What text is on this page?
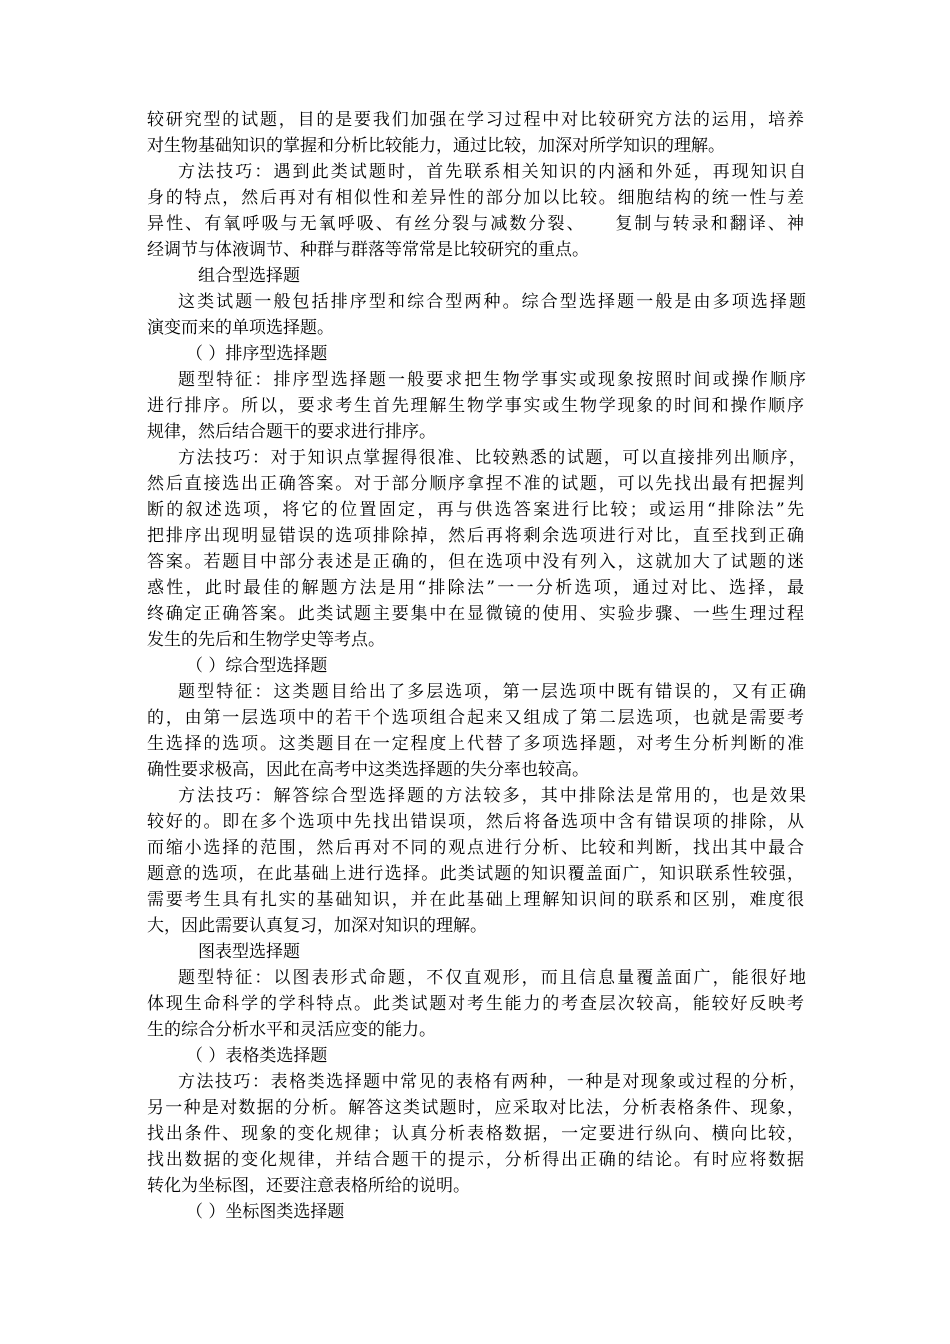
较研究型的试题，目的是要我们加强在学习过程中对比较研究方法的运用，培养
对生物基础知识的掌握和分析比较能力，通过比较，加深对所学知识的理解。
方法技巧：遇到此类试题时，首先联系相关知识的内涵和外延，再现知识自
身的特点，然后再对有相似性和差异性的部分加以比较。细胞结构的统一性与差
异性、有氧呼吸与无氧呼吸、有丝分裂与减数分裂、　　复制与转录和翻译、神
经调节与体液调节、种群与群落等常常是比较研究的重点。
组合型选择题
这类试题一般包括排序型和综合型两种。综合型选择题一般是由多项选择题
演变而来的单项选择题。
（ ）排序型选择题
题型特征：排序型选择题一般要求把生物学事实或现象按照时间或操作顺序
进行排序。所以，要求考生首先理解生物学事实或生物学现象的时间和操作顺序
规律，然后结合题干的要求进行排序。
方法技巧：对于知识点掌握得很准、比较熟悉的试题，可以直接排列出顺序，
然后直接选出正确答案。对于部分顺序拿捏不准的试题，可以先找出最有把握判
断的叙述选项，将它的位置固定，再与供选答案进行比较；或运用“排除法”先
把排序出现明显错误的选项排除掉，然后再将剩余选项进行对比，直至找到正确
答案。若题目中部分表述是正确的，但在选项中没有列入，这就加大了试题的迷
惑性，此时最佳的解题方法是用“排除法”一一分析选项，通过对比、选择，最
终确定正确答案。此类试题主要集中在显微镜的使用、实验步骤、一些生理过程
发生的先后和生物学史等考点。
（ ）综合型选择题
题型特征：这类题目给出了多层选项，第一层选项中既有错误的，又有正确
的，由第一层选项中的若干个选项组合起来又组成了第二层选项，也就是需要考
生选择的选项。这类题目在一定程度上代替了多项选择题，对考生分析判断的准
确性要求极高，因此在高考中这类选择题的失分率也较高。
方法技巧：解答综合型选择题的方法较多，其中排除法是常用的，也是效果
较好的。即在多个选项中先找出错误项，然后将备选项中含有错误项的排除，从
而缩小选择的范围，然后再对不同的观点进行分析、比较和判断，找出其中最合
题意的选项，在此基础上进行选择。此类试题的知识覆盖面广，知识联系性较强，
需要考生具有扎实的基础知识，并在此基础上理解知识间的联系和区别，难度很
大，因此需要认真复习，加深对知识的理解。
图表型选择题
题型特征：以图表形式命题，不仅直观形，而且信息量覆盖面广，能很好地
体现生命科学的学科特点。此类试题对考生能力的考查层次较高，能较好反映考
生的综合分析水平和灵活应变的能力。
（ ）表格类选择题
方法技巧：表格类选择题中常见的表格有两种，一种是对现象或过程的分析，
另一种是对数据的分析。解答这类试题时，应采取对比法，分析表格条件、现象，
找出条件、现象的变化规律；认真分析表格数据，一定要进行纵向、横向比较，
找出数据的变化规律，并结合题干的提示，分析得出正确的结论。有时应将数据
转化为坐标图，还要注意表格所给的说明。
（ ）坐标图类选择题
